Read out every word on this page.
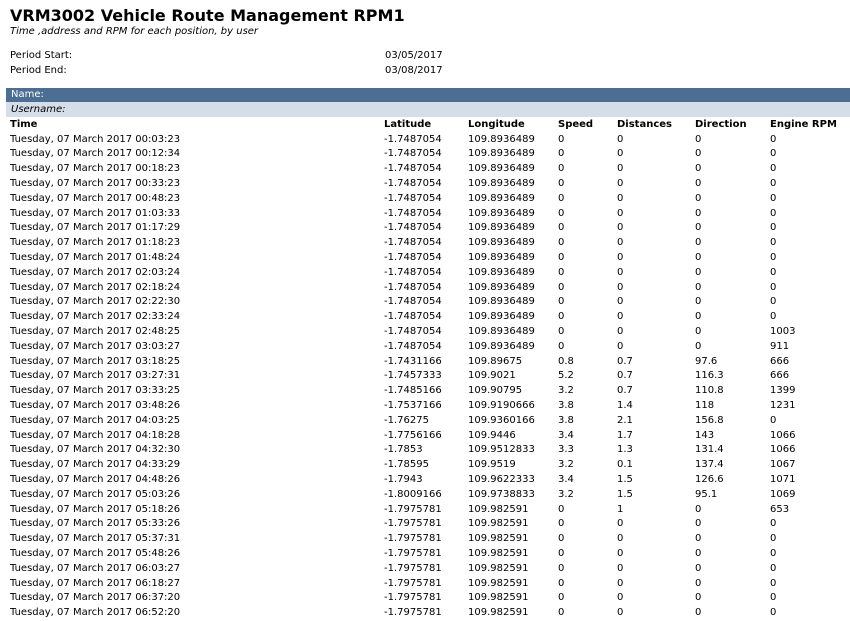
VRM3002 Vehicle Route Management RPM1
Time ,address and RPM for each position, by user
Period Start:	03/05/2017
Period End:	03/08/2017
Name:
Username:
Time	Latitude	Longitude	Speed	Distances	Direction	Engine RPM
Tuesday, 07 March 2017 00:03:23	-1.7487054	109.8936489	0	0	0	0
Tuesday, 07 March 2017 00:12:34	-1.7487054	109.8936489	0	0	0	0
Tuesday, 07 March 2017 00:18:23	-1.7487054	109.8936489	0	0	0	0
Tuesday, 07 March 2017 00:33:23	-1.7487054	109.8936489	0	0	0	0
Tuesday, 07 March 2017 00:48:23	-1.7487054	109.8936489	0	0	0	0
Tuesday, 07 March 2017 01:03:33	-1.7487054	109.8936489	0	0	0	0
Tuesday, 07 March 2017 01:17:29	-1.7487054	109.8936489	0	0	0	0
Tuesday, 07 March 2017 01:18:23	-1.7487054	109.8936489	0	0	0	0
Tuesday, 07 March 2017 01:48:24	-1.7487054	109.8936489	0	0	0	0
Tuesday, 07 March 2017 02:03:24	-1.7487054	109.8936489	0	0	0	0
Tuesday, 07 March 2017 02:18:24	-1.7487054	109.8936489	0	0	0	0
Tuesday, 07 March 2017 02:22:30	-1.7487054	109.8936489	0	0	0	0
Tuesday, 07 March 2017 02:33:24	-1.7487054	109.8936489	0	0	0	0
Tuesday, 07 March 2017 02:48:25	-1.7487054	109.8936489	0	0	0	1003
Tuesday, 07 March 2017 03:03:27	-1.7487054	109.8936489	0	0	0	911
Tuesday, 07 March 2017 03:18:25	-1.7431166	109.89675	0.8	0.7	97.6	666
Tuesday, 07 March 2017 03:27:31	-1.7457333	109.9021	5.2	0.7	116.3	666
Tuesday, 07 March 2017 03:33:25	-1.7485166	109.90795	3.2	0.7	110.8	1399
Tuesday, 07 March 2017 03:48:26	-1.7537166	109.9190666	3.8	1.4	118	1231
Tuesday, 07 March 2017 04:03:25	-1.76275	109.9360166	3.8	2.1	156.8	0
Tuesday, 07 March 2017 04:18:28	-1.7756166	109.9446	3.4	1.7	143	1066
Tuesday, 07 March 2017 04:32:30	-1.7853	109.9512833	3.3	1.3	131.4	1066
Tuesday, 07 March 2017 04:33:29	-1.78595	109.9519	3.2	0.1	137.4	1067
Tuesday, 07 March 2017 04:48:26	-1.7943	109.9622333	3.4	1.5	126.6	1071
Tuesday, 07 March 2017 05:03:26	-1.8009166	109.9738833	3.2	1.5	95.1	1069
Tuesday, 07 March 2017 05:18:26	-1.7975781	109.982591	0	1	0	653
Tuesday, 07 March 2017 05:33:26	-1.7975781	109.982591	0	0	0	0
Tuesday, 07 March 2017 05:37:31	-1.7975781	109.982591	0	0	0	0
Tuesday, 07 March 2017 05:48:26	-1.7975781	109.982591	0	0	0	0
Tuesday, 07 March 2017 06:03:27	-1.7975781	109.982591	0	0	0	0
Tuesday, 07 March 2017 06:18:27	-1.7975781	109.982591	0	0	0	0
Tuesday, 07 March 2017 06:37:20	-1.7975781	109.982591	0	0	0	0
Tuesday, 07 March 2017 06:52:20	-1.7975781	109.982591	0	0	0	0
